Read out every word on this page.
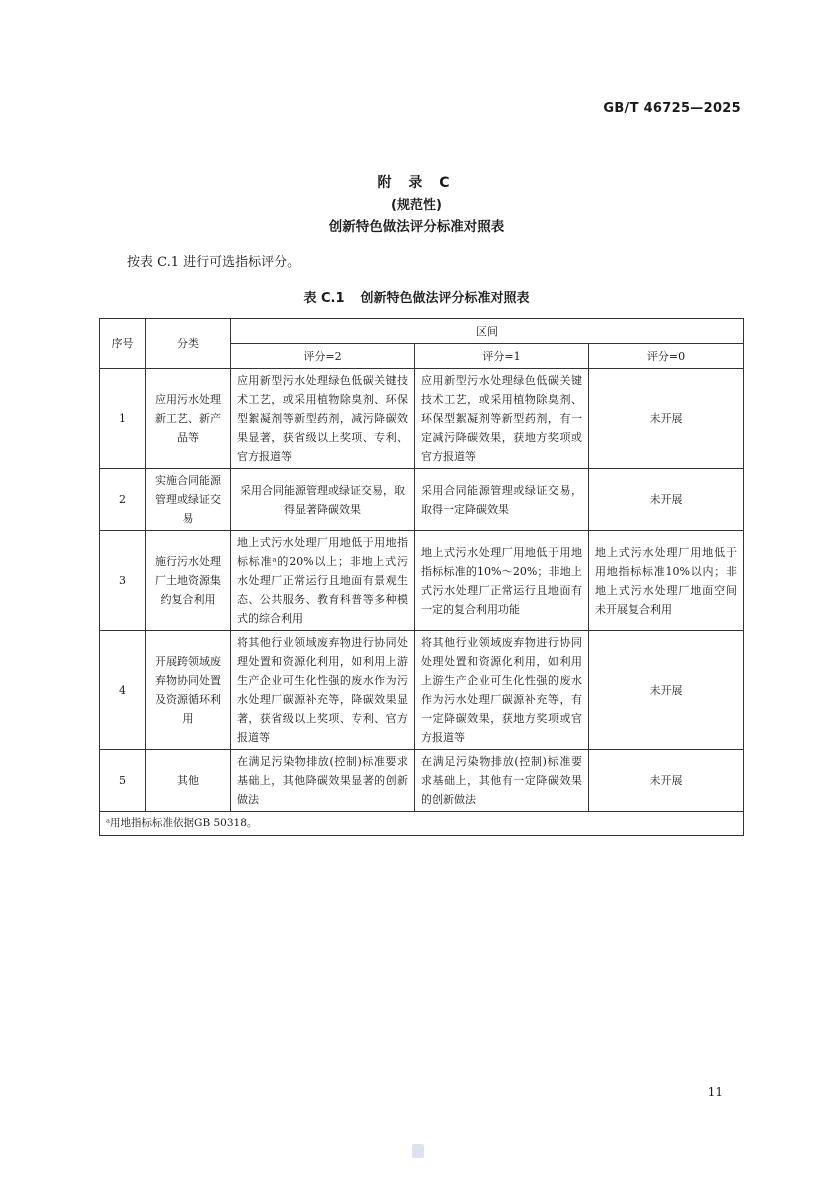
GB/T 46725—2025
附 录 C
(规范性)
创新特色做法评分标准对照表
按表 C.1 进行可选指标评分。
表 C.1 创新特色做法评分标准对照表
序号	分类	区间		
		评分=2	评分=1	评分=0
1	应用污水处理新工艺、新产品等	应用新型污水处理绿色低碳关键技术工艺，或采用植物除臭剂、环保型絮凝剂等新型药剂，减污降碳效果显著，获省级以上奖项、专利、官方报道等	应用新型污水处理绿色低碳关键技术工艺，或采用植物除臭剂、环保型絮凝剂等新型药剂，有一定减污降碳效果，获地方奖项或官方报道等	未开展
2	实施合同能源管理或绿证交易	采用合同能源管理或绿证交易，取得显著降碳效果	采用合同能源管理或绿证交易，取得一定降碳效果	未开展
3	施行污水处理厂土地资源集约复合利用	地上式污水处理厂用地低于用地指标标准ᵃ的20%以上；非地上式污水处理厂正常运行且地面有景观生态、公共服务、教育科普等多种模式的综合利用	地上式污水处理厂用地低于用地指标标准的10%～20%；非地上式污水处理厂正常运行且地面有一定的复合利用功能	地上式污水处理厂用地低于用地指标标准10%以内；非地上式污水处理厂地面空间未开展复合利用
4	开展跨领域废弃物协同处置及资源循环利用	将其他行业领域废弃物进行协同处理处置和资源化利用，如利用上游生产企业可生化性强的废水作为污水处理厂碳源补充等，降碳效果显著，获省级以上奖项、专利、官方报道等	将其他行业领域废弃物进行协同处理处置和资源化利用，如利用上游生产企业可生化性强的废水作为污水处理厂碳源补充等，有一定降碳效果，获地方奖项或官方报道等	未开展
5	其他	在满足污染物排放(控制)标准要求基础上，其他降碳效果显著的创新做法	在满足污染物排放(控制)标准要求基础上，其他有一定降碳效果的创新做法	未开展
ᵃ用地指标标准依据GB 50318。				
11
